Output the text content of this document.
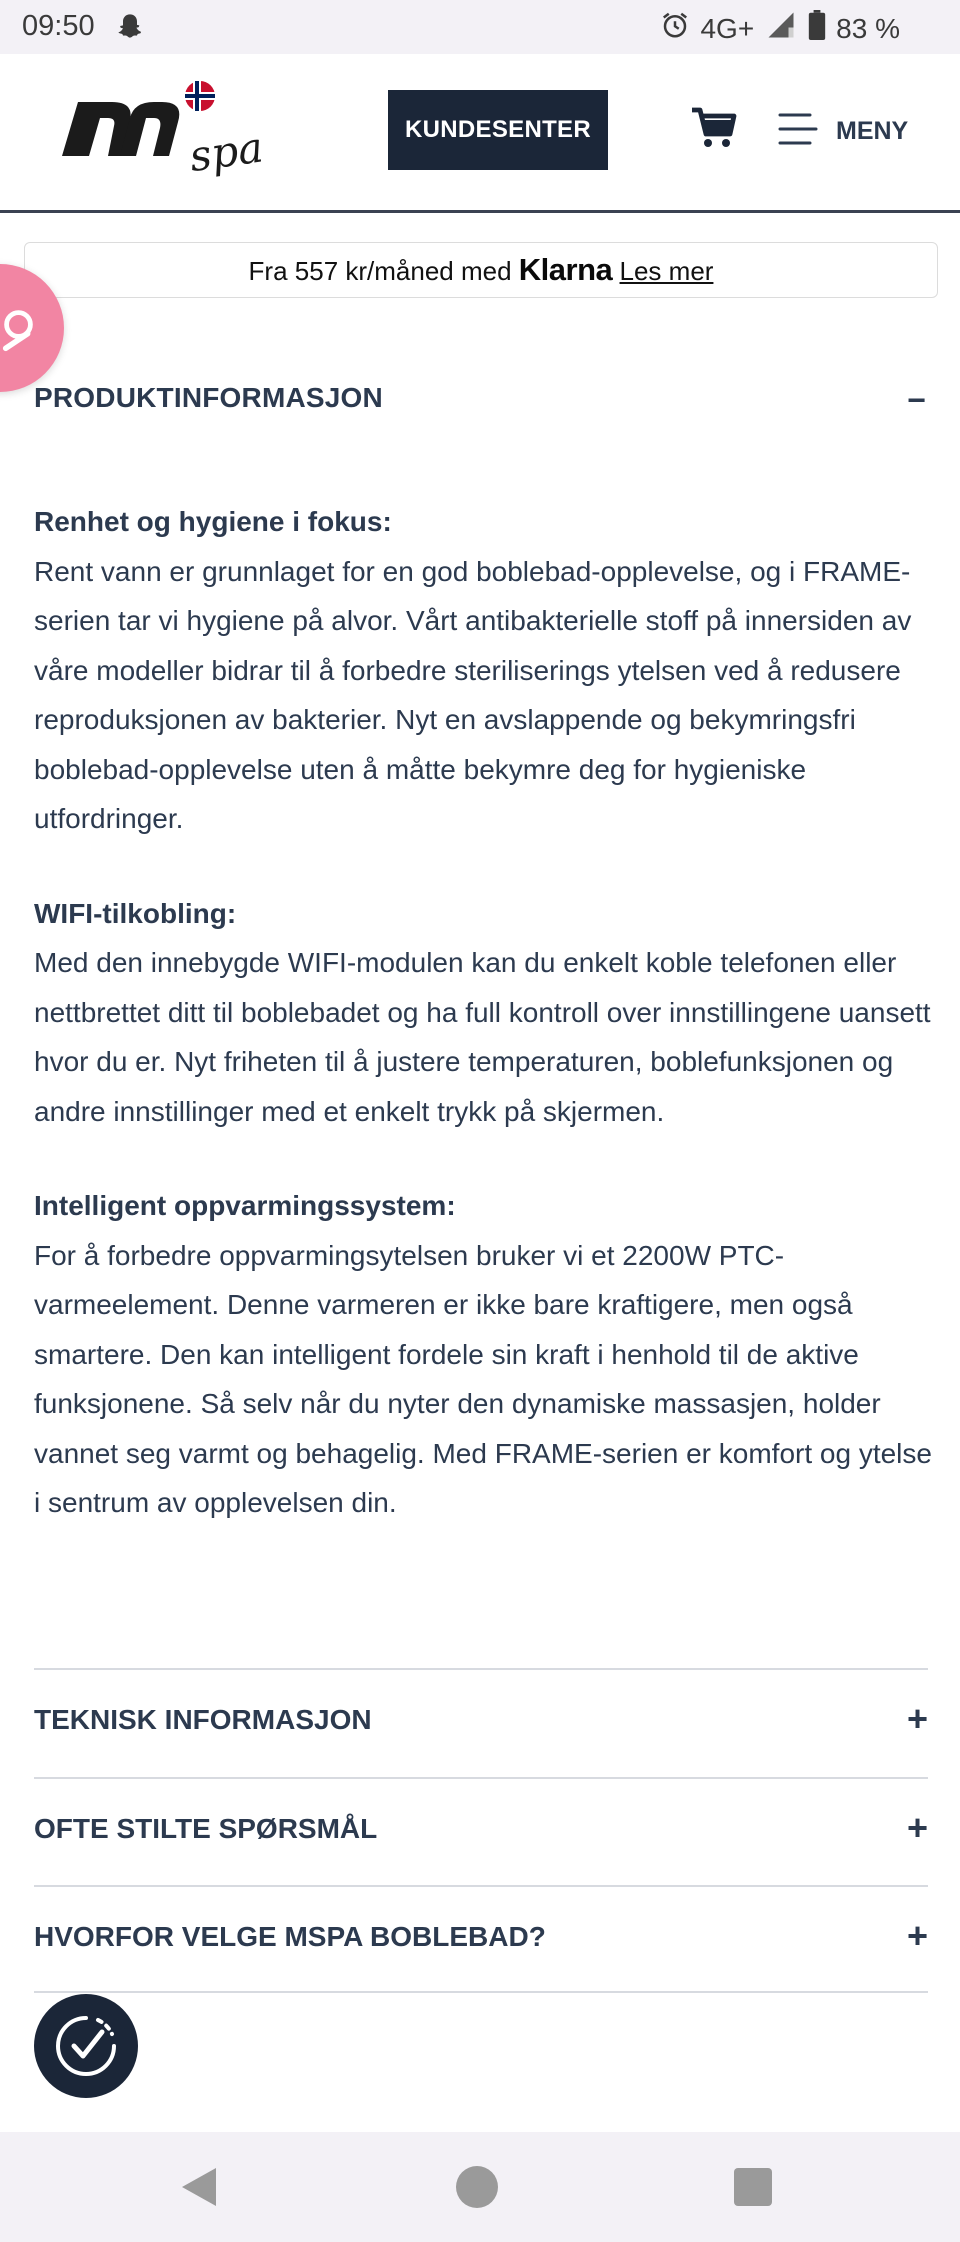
09:50	4G+	83 %
spa	KUNDESENTER	MENY
Fra 557 kr/måned med Klarna Les mer
PRODUKTINFORMASJON	−
Renhet og hygiene i fokus:

Rent vann er grunnlaget for en god boblebad-opplevelse, og i FRAME-serien tar vi hygiene på alvor. Vårt antibakterielle stoff på innersiden av våre modeller bidrar til å forbedre steriliserings ytelsen ved å redusere reproduksjonen av bakterier. Nyt en avslappende og bekymringsfri boblebad-opplevelse uten å måtte bekymre deg for hygieniske utfordringer.

WIFI-tilkobling:

Med den innebygde WIFI-modulen kan du enkelt koble telefonen eller nettbrettet ditt til boblebadet og ha full kontroll over innstillingene uansett hvor du er. Nyt friheten til å justere temperaturen, boblefunksjonen og andre innstillinger med et enkelt trykk på skjermen.

Intelligent oppvarmingssystem:

For å forbedre oppvarmingsytelsen bruker vi et 2200W PTC-varmeelement. Denne varmeren er ikke bare kraftigere, men også smartere. Den kan intelligent fordele sin kraft i henhold til de aktive funksjonene. Så selv når du nyter den dynamiske massasjen, holder vannet seg varmt og behagelig. Med FRAME-serien er komfort og ytelse i sentrum av opplevelsen din.

TEKNISK INFORMASJON	+
OFTE STILTE SPØRSMÅL	+
HVORFOR VELGE MSPA BOBLEBAD?	+
